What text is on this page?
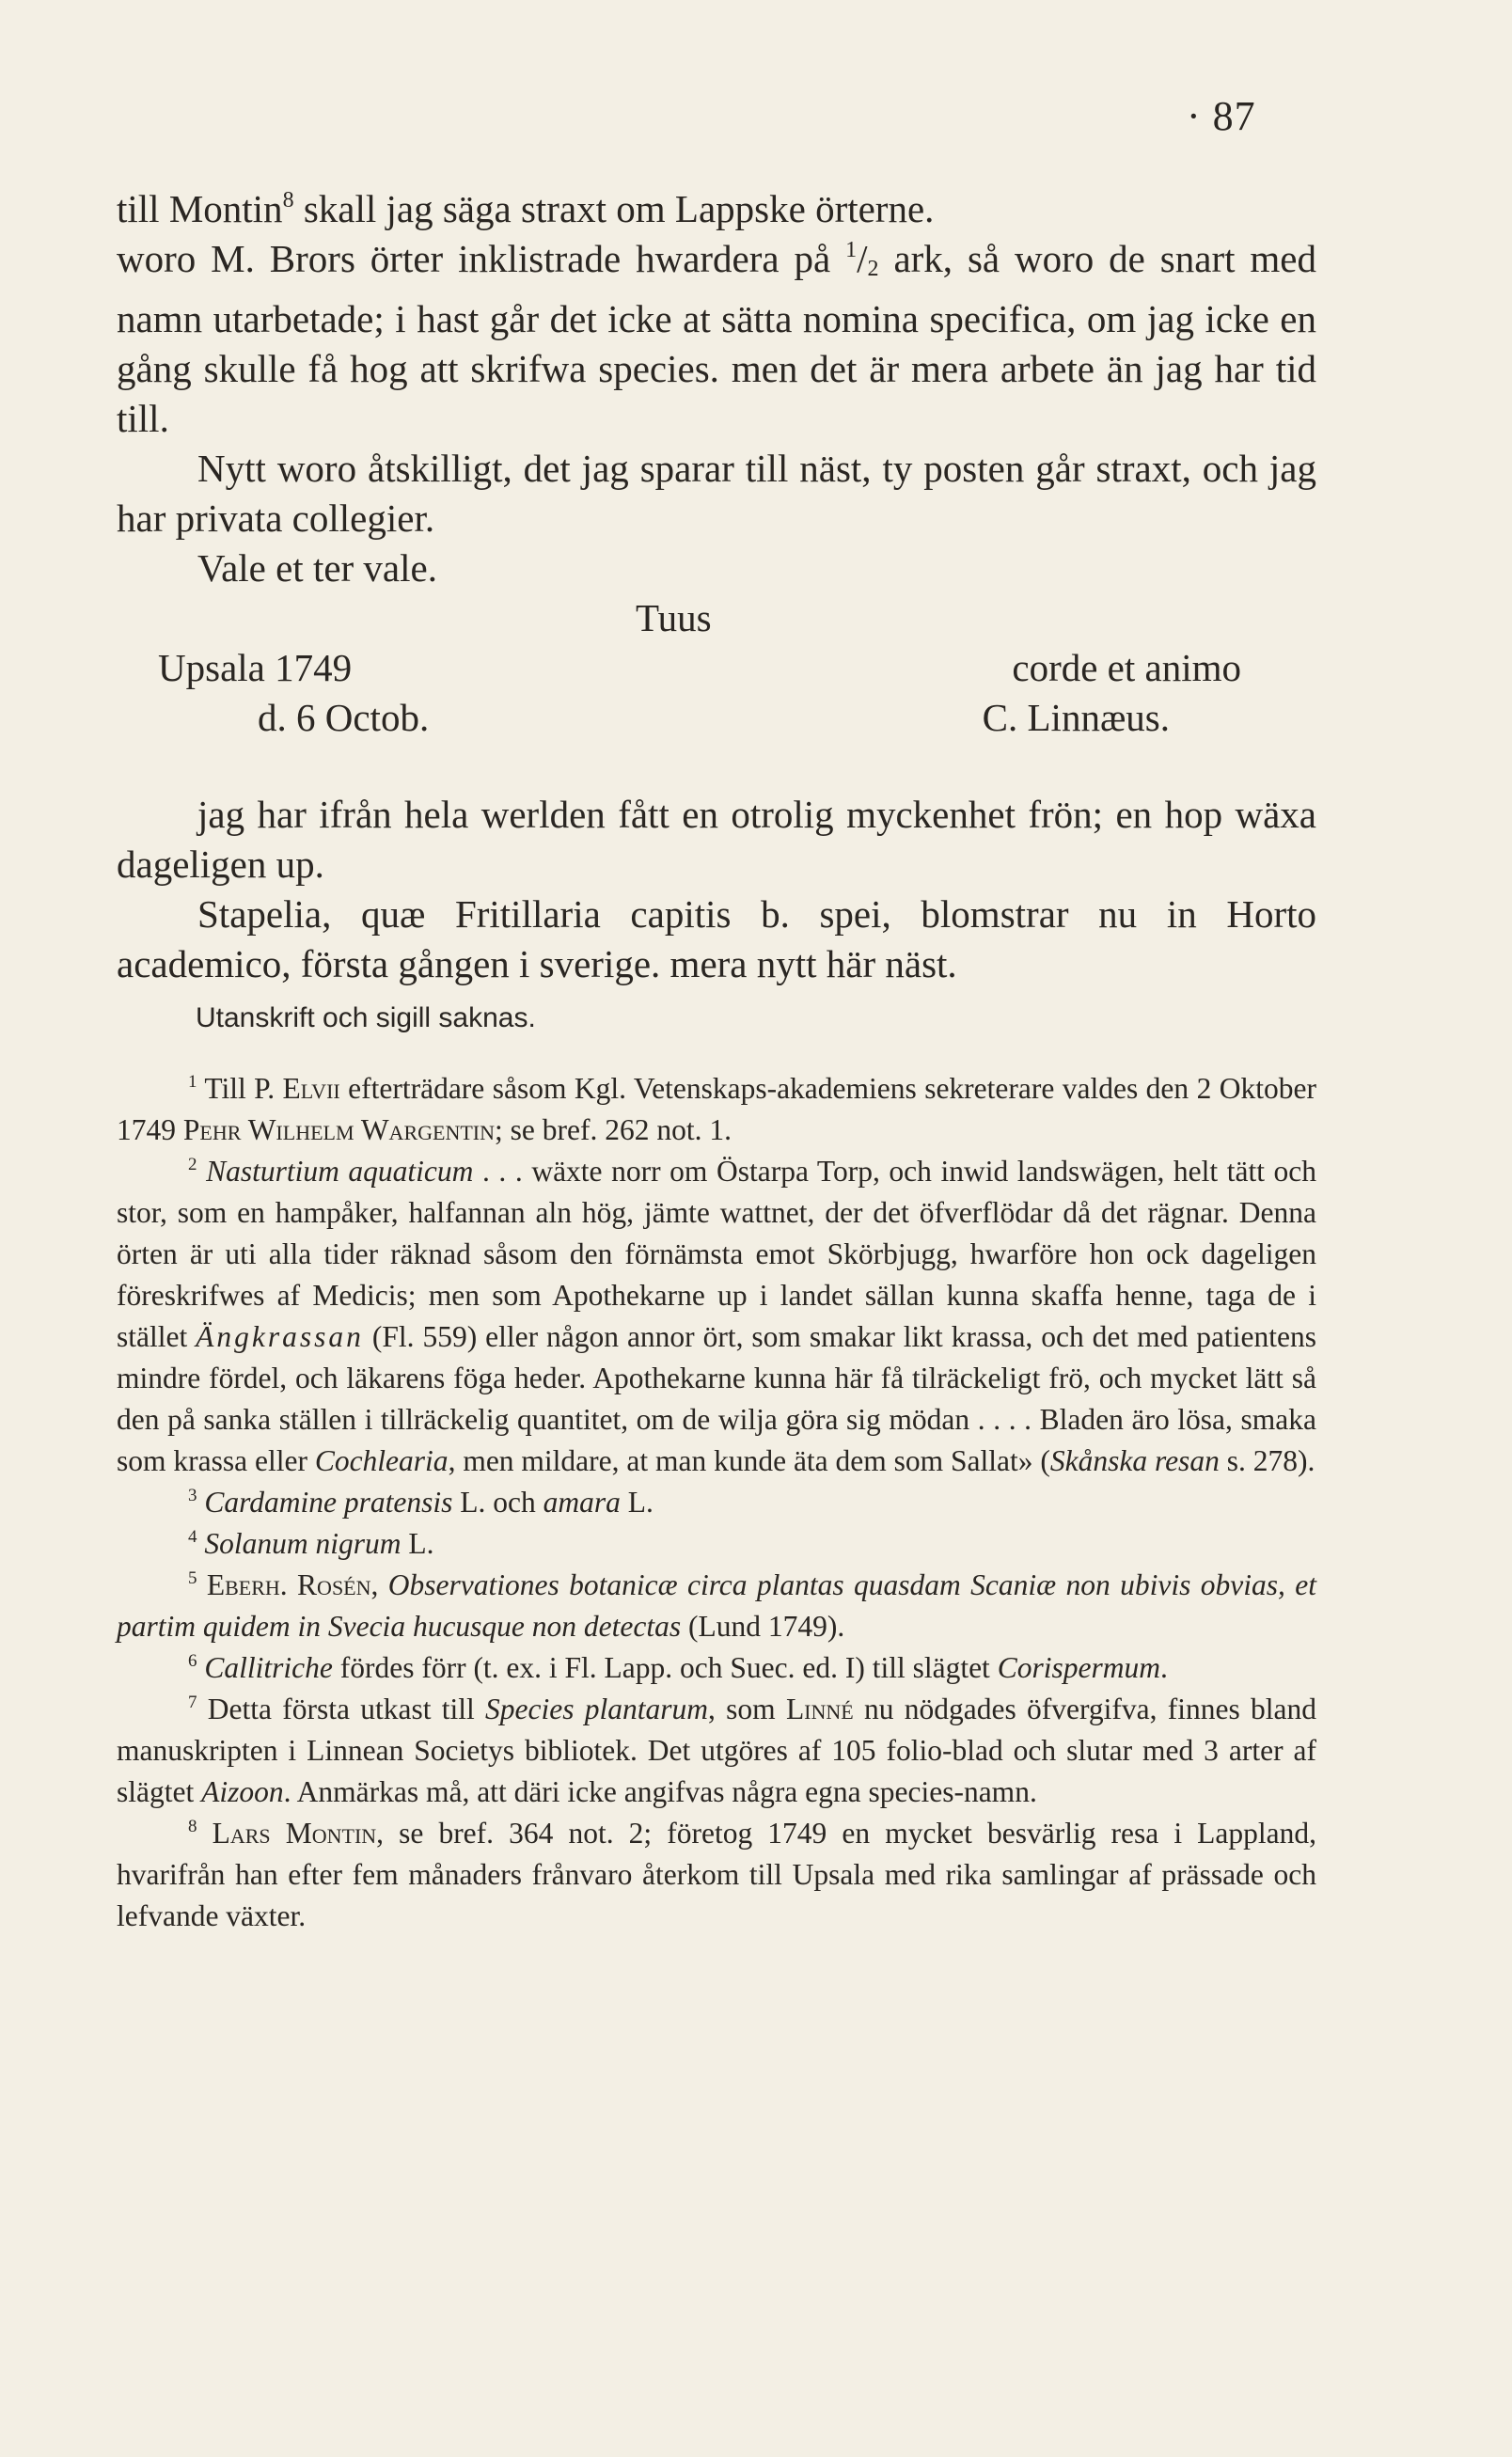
· 87

till Montin$^8$ skall jag säga straxt om Lappske örterne.
woro M. Brors örter inklistrade hwardera på $^1/_2$ ark, så woro de snart med namn utarbetade; i hast går det icke at sätta nomina specifica, om jag icke en gång skulle få hog att skrifwa species. men det är mera arbete än jag har tid till.

Nytt woro åtskilligt, det jag sparar till näst, ty posten går straxt, och jag har privata collegier.

Vale et ter vale.

Tuus
Upsala 1749	corde et animo
d. 6 Octob.	C. Linnæus.

jag har ifrån hela werlden fått en otrolig myckenhet frön; en hop wäxa dageligen up.

Stapelia, quæ Fritillaria capitis b. spei, blomstrar nu in Horto academico, första gången i sverige. mera nytt här näst.

Utanskrift och sigill saknas.

$^1$ Till P. Elvii efterträdare såsom Kgl. Vetenskaps-akademiens sekreterare valdes den 2 Oktober 1749 Pehr Wilhelm Wargentin; se bref. 262 not. 1.

$^2$ Nasturtium aquaticum . . . wäxte norr om Östarpa Torp, och inwid landswägen, helt tätt och stor, som en hampåker, halfannan aln hög, jämte wattnet, der det öfverflödar då det rägnar. Denna örten är uti alla tider räknad såsom den förnämsta emot Skörbjugg, hwarföre hon ock dageligen föreskrifwes af Medicis; men som Apothekarne up i landet sällan kunna skaffa henne, taga de i stället Ängkrassan (Fl. 559) eller någon annor ört, som smakar likt krassa, och det med patientens mindre fördel, och läkarens föga heder. Apothekarne kunna här få tilräckeligt frö, och mycket lätt så den på sanka ställen i tillräckelig quantitet, om de wilja göra sig mödan . . . . Bladen äro lösa, smaka som krassa eller Cochlearia, men mildare, at man kunde äta dem som Sallat» (Skånska resan s. 278).

$^3$ Cardamine pratensis L. och amara L.

$^4$ Solanum nigrum L.

$^5$ Eberh. Rosén, Observationes botanicæ circa plantas quasdam Scaniæ non ubivis obvias, et partim quidem in Svecia hucusque non detectas (Lund 1749).

$^6$ Callitriche fördes förr (t. ex. i Fl. Lapp. och Suec. ed. I) till slägtet Corispermum.

$^7$ Detta första utkast till Species plantarum, som Linné nu nödgades öfvergifva, finnes bland manuskripten i Linnean Societys bibliotek. Det utgöres af 105 folio-blad och slutar med 3 arter af slägtet Aizoon. Anmärkas må, att däri icke angifvas några egna species-namn.

$^8$ Lars Montin, se bref. 364 not. 2; företog 1749 en mycket besvärlig resa i Lappland, hvarifrån han efter fem månaders frånvaro återkom till Upsala med rika samlingar af prässade och lefvande växter.
